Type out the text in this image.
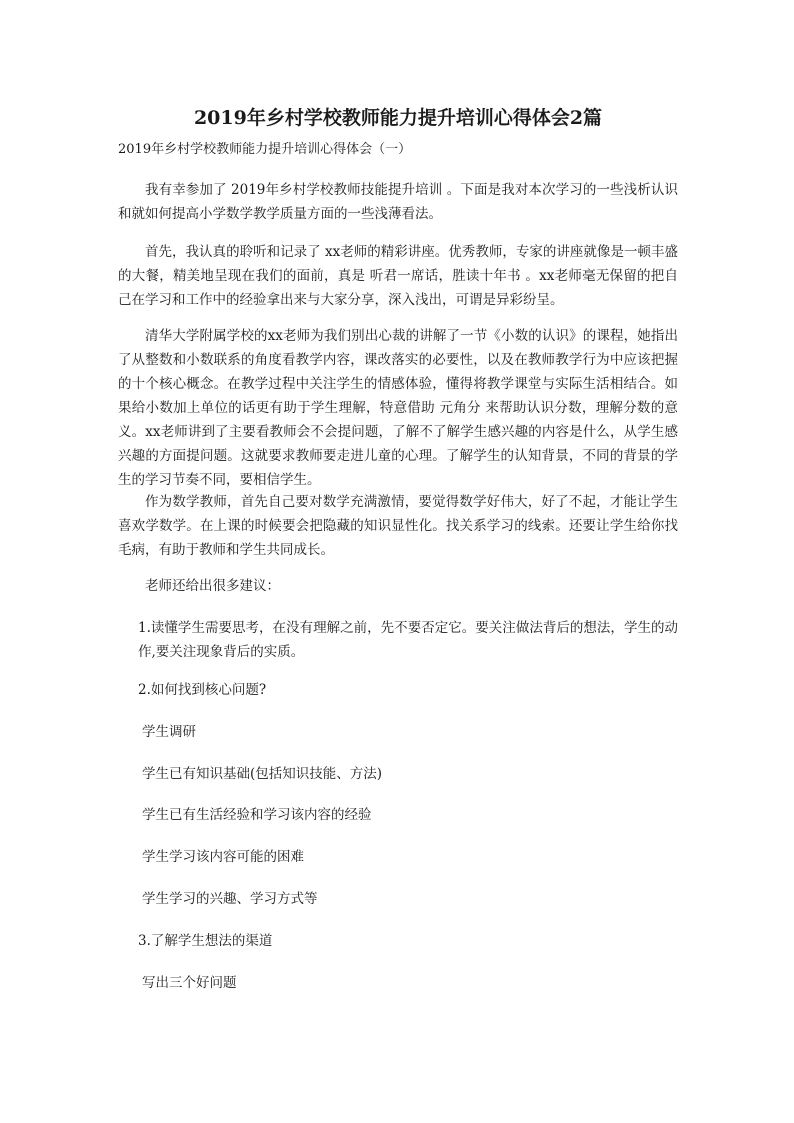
2019年乡村学校教师能力提升培训心得体会2篇
2019年乡村学校教师能力提升培训心得体会（一）

我有幸参加了 2019年乡村学校教师技能提升培训 。下面是我对本次学习的一些浅析认识和就如何提高小学数学教学质量方面的一些浅薄看法。

首先，我认真的聆听和记录了 xx老师的精彩讲座。优秀教师，专家的讲座就像是一顿丰盛的大餐，精美地呈现在我们的面前，真是 听君一席话，胜读十年书 。xx老师毫无保留的把自己在学习和工作中的经验拿出来与大家分享，深入浅出，可谓是异彩纷呈。

清华大学附属学校的xx老师为我们别出心裁的讲解了一节《小数的认识》的课程，她指出了从整数和小数联系的角度看教学内容，课改落实的必要性，以及在教师教学行为中应该把握的十个核心概念。在教学过程中关注学生的情感体验，懂得将教学课堂与实际生活相结合。如果给小数加上单位的话更有助于学生理解，特意借助 元角分 来帮助认识分数，理解分数的意义。xx老师讲到了主要看教师会不会提问题，了解不了解学生感兴趣的内容是什么，从学生感兴趣的方面提问题。这就要求教师要走进儿童的心理。了解学生的认知背景，不同的背景的学生的学习节奏不同，要相信学生。

作为数学教师，首先自己要对数学充满激情，要觉得数学好伟大，好了不起，才能让学生喜欢学数学。在上课的时候要会把隐藏的知识显性化。找关系学习的线索。还要让学生给你找毛病，有助于教师和学生共同成长。

老师还给出很多建议：

1.读懂学生需要思考，在没有理解之前，先不要否定它。要关注做法背后的想法，学生的动作,要关注现象背后的实质。

2.如何找到核心问题?

学生调研

学生已有知识基础(包括知识技能、方法)

学生已有生活经验和学习该内容的经验

学生学习该内容可能的困难

学生学习的兴趣、学习方式等

3.了解学生想法的渠道

写出三个好问题
